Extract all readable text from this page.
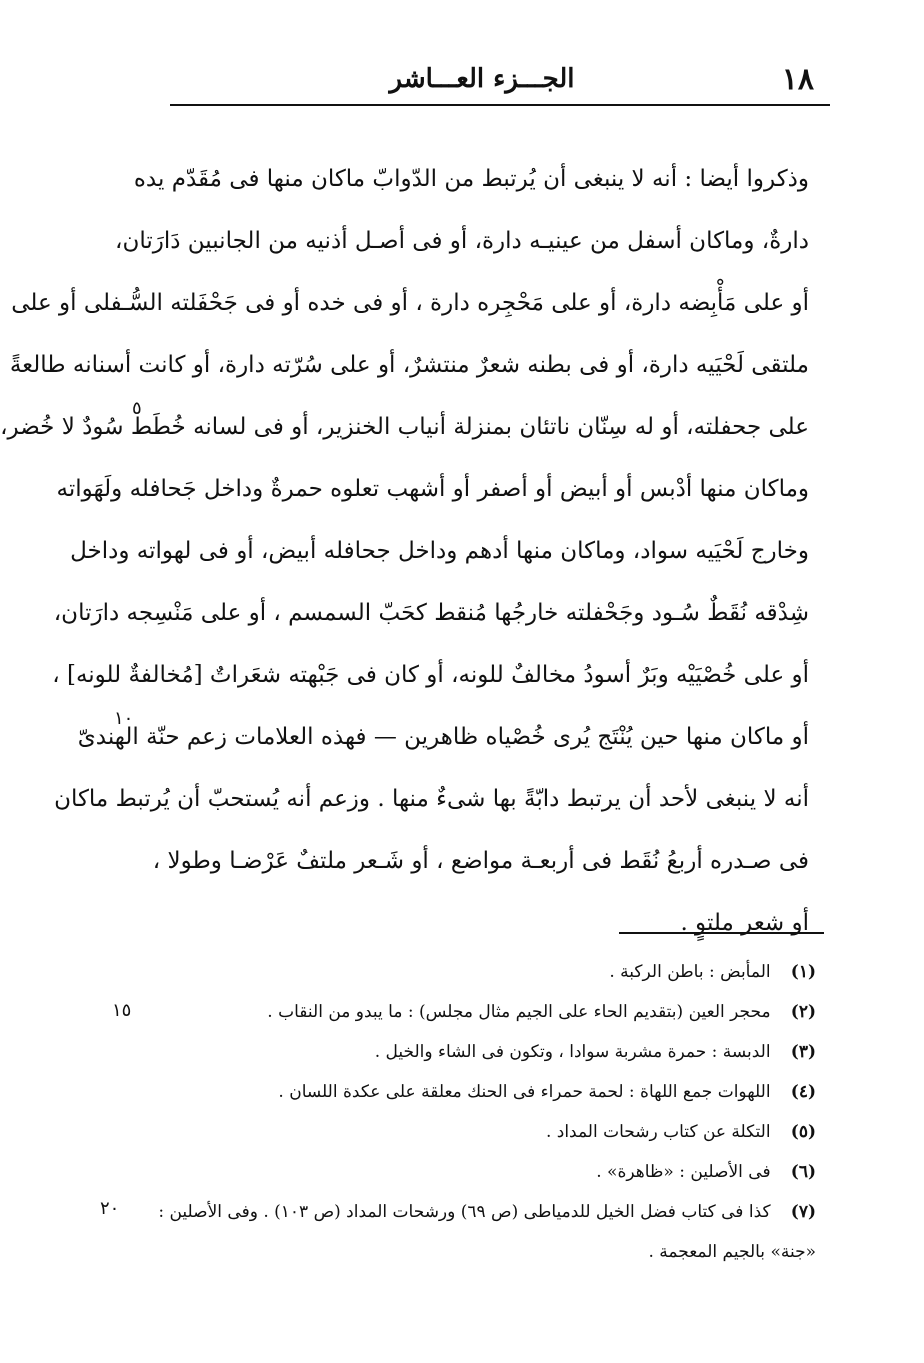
١٨
الجـــزء العـــاشر
وذكروا أيضا : أنه لا ينبغى أن يُرتبط من الدّوابّ ماكان منها فى مُقَدّم يده
دارةٌ، وماكان أسفل من عينيـه دارة، أو فى أصـل أذنيه من الجانبين دَارَتان،
أو على مَأْبِضه دارة، أو على مَحْجِره دارة ، أو فى خده أو فى جَحْفَلته السُّـفلى أو على
ملتقى لَحْيَيه دارة، أو فى بطنه شعرٌ منتشرٌ، أو على سُرّته دارة، أو كانت أسنانه طالعةً
على جحفلته، أو له سِنّان ناتئان بمنزلة أنياب الخنزير، أو فى لسانه خُطَط سُودٌ لا خُضر،
وماكان منها أدْبس أو أبيض أو أصفر أو أشهب تعلوه حمرةٌ وداخل جَحافله ولَهَواته
وخارج لَحْيَيه سواد، وماكان منها أدهم وداخل جحافله أبيض، أو فى لهواته وداخل
شِدْقه نُقَطٌ سُـود وجَحْفلته خارجُها مُنقط كحَبّ السمسم ، أو على مَنْسِجه دارَتان،
أو على خُصْيَيْه وبَرٌ أسودُ مخالفٌ للونه، أو كان فى جَبْهته شعَراتٌ [مُخالفةٌ للونه] ،
أو ماكان منها حين يُنْتَج يُرى خُصْياه ظاهرين — فهذه العلامات زعم حنّة الهندىّ
أنه لا ينبغى لأحد أن يرتبط دابّةً بها شىءٌ منها . وزعم أنه يُستحبّ أن يُرتبط ماكان
فى صـدره أربعُ نُقَط فى أربعـة مواضع ، أو شَـعر ملتفٌ عَرْضـا وطولا ،
أو شعر ملتوٍ .
٥
١٠
١٥
٢٠
(١) المأبض : باطن الركبة .
(٢) محجر العين (بتقديم الحاء على الجيم مثال مجلس) : ما يبدو من النقاب .
(٣) الدبسة : حمرة مشربة سوادا ، وتكون فى الشاء والخيل .
(٤) اللهوات جمع اللهاة : لحمة حمراء فى الحنك معلقة على عكدة اللسان .
(٥) التكلة عن كتاب رشحات المداد .
(٦) فى الأصلين : «ظاهرة» .
(٧) كذا فى كتاب فضل الخيل للدمياطى (ص ٦٩) ورشحات المداد (ص ١٠٣) . وفى الأصلين :
«جنة» بالجيم المعجمة .
